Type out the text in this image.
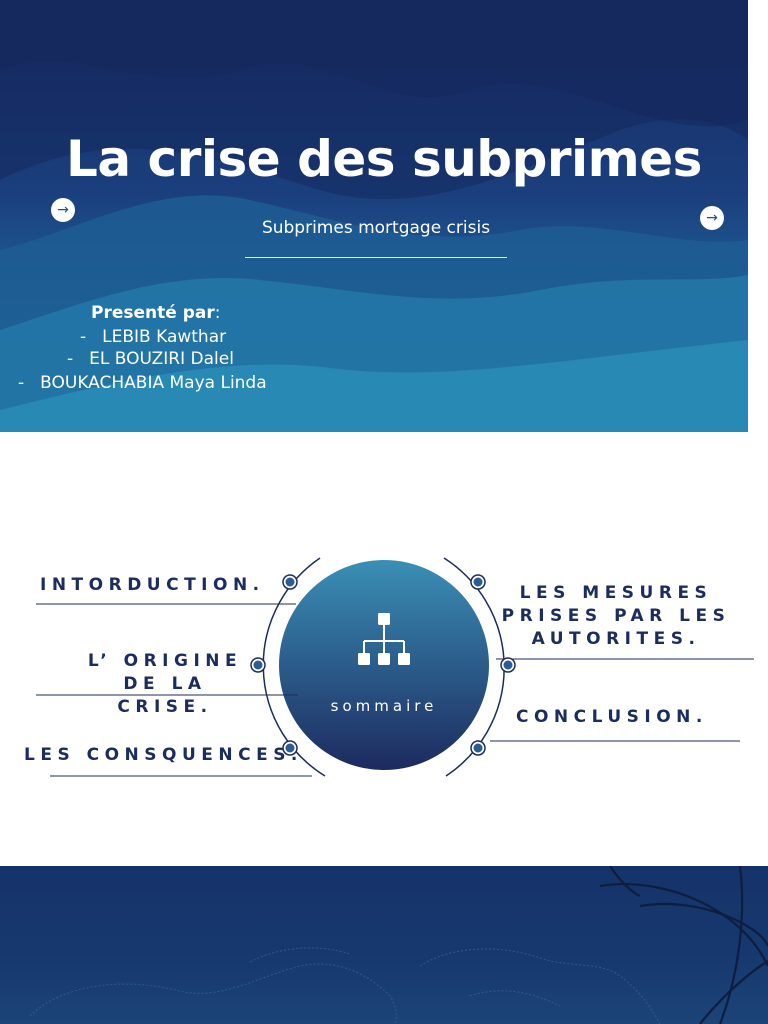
La crise des subprimes
→	→
Subprimes mortgage crisis
Presenté par:
- LEBIB Kawthar
- EL BOUZIRI Dalel
- BOUKACHABIA Maya Linda
sommaire
INTORDUCTION.
L’ ORIGINE
DE LA
CRISE.
LES CONSQUENCES.
LES MESURES
PRISES PAR LES
AUTORITES.
CONCLUSION.
